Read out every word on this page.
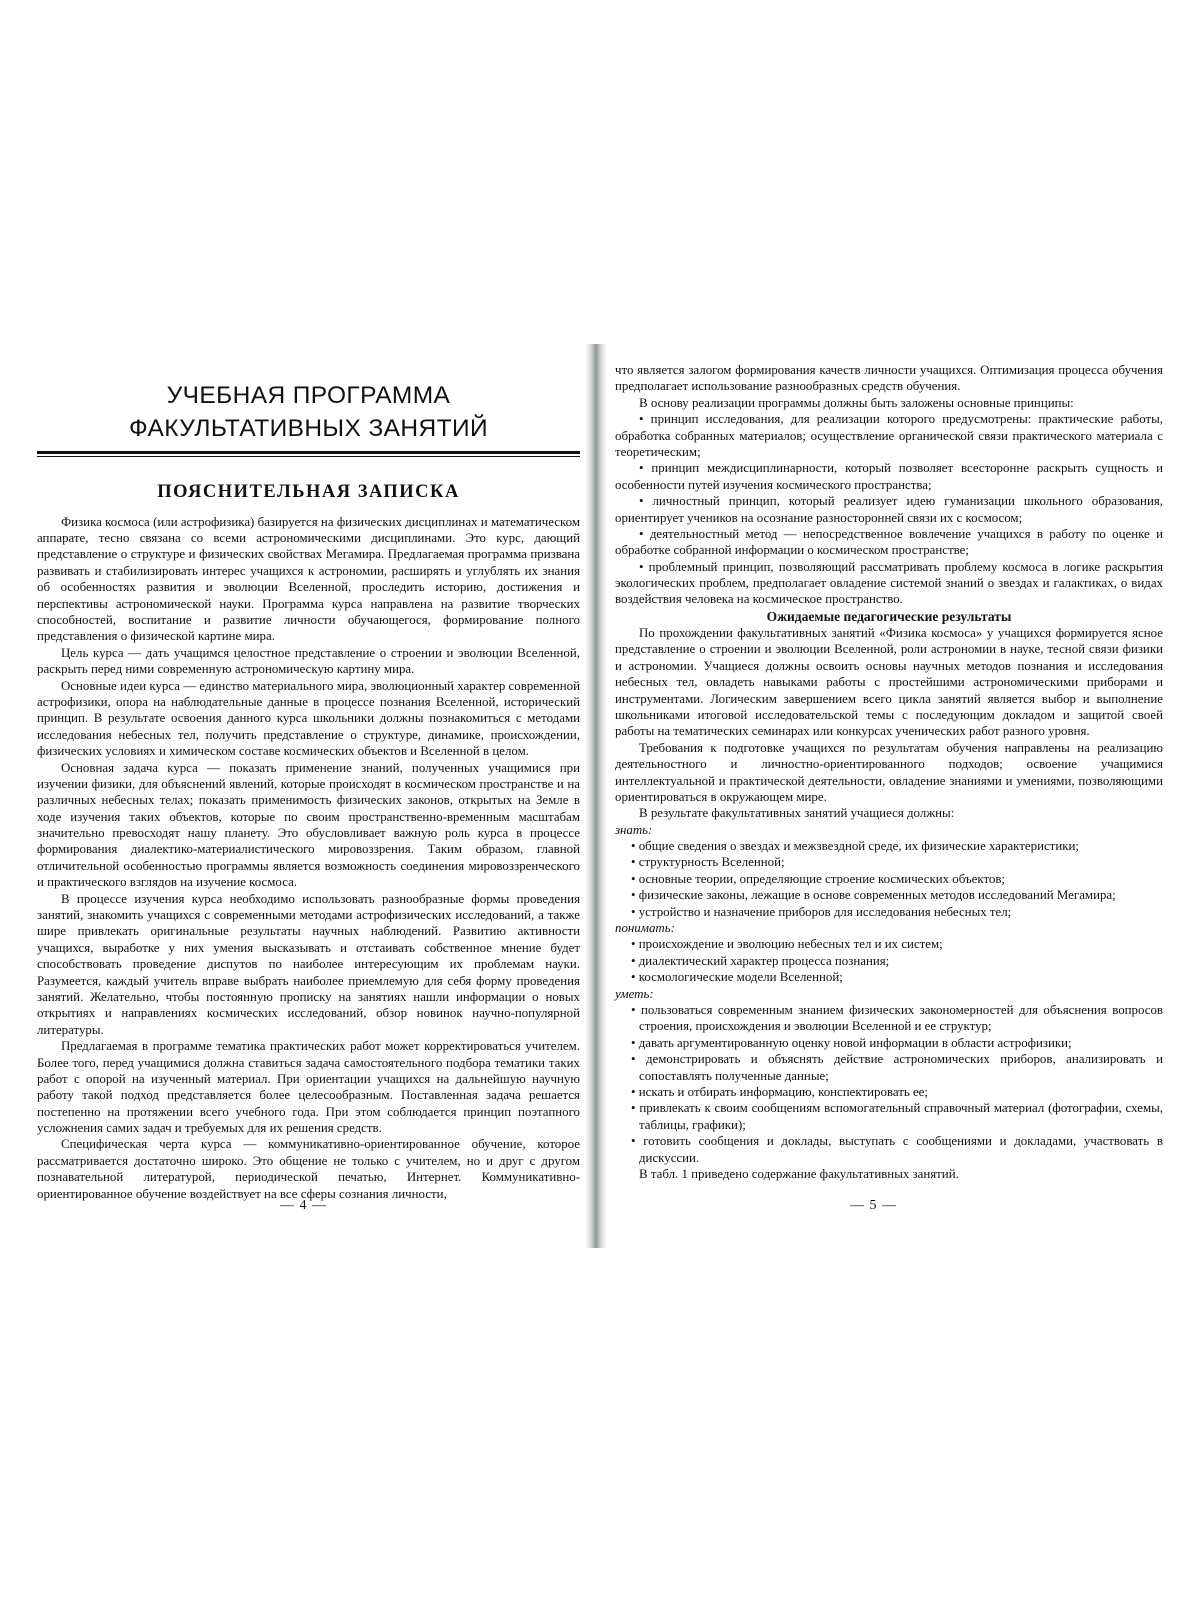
УЧЕБНАЯ ПРОГРАММА
ФАКУЛЬТАТИВНЫХ ЗАНЯТИЙ
ПОЯСНИТЕЛЬНАЯ ЗАПИСКА

Физика космоса (или астрофизика) базируется на физических дисциплинах и математическом аппарате, тесно связана со всеми астрономическими дисциплинами. Это курс, дающий представление о структуре и физических свойствах Мегамира. Предлагаемая программа призвана развивать и стабилизировать интерес учащихся к астрономии, расширять и углублять их знания об особенностях развития и эволюции Вселенной, проследить историю, достижения и перспективы астрономической науки. Программа курса направлена на развитие творческих способностей, воспитание и развитие личности обучающегося, формирование полного представления о физической картине мира.

Цель курса — дать учащимся целостное представление о строении и эволюции Вселенной, раскрыть перед ними современную астрономическую картину мира.

Основные идеи курса — единство материального мира, эволюционный характер современной астрофизики, опора на наблюдательные данные в процессе познания Вселенной, исторический принцип. В результате освоения данного курса школьники должны познакомиться с методами исследования небесных тел, получить представление о структуре, динамике, происхождении, физических условиях и химическом составе космических объектов и Вселенной в целом.

Основная задача курса — показать применение знаний, полученных учащимися при изучении физики, для объяснений явлений, которые происходят в космическом пространстве и на различных небесных телах; показать применимость физических законов, открытых на Земле в ходе изучения таких объектов, которые по своим пространственно-временным масштабам значительно превосходят нашу планету. Это обусловливает важную роль курса в процессе формирования диалектико-материалистического мировоззрения. Таким образом, главной отличительной особенностью программы является возможность соединения мировоззренческого и практического взглядов на изучение космоса.

В процессе изучения курса необходимо использовать разнообразные формы проведения занятий, знакомить учащихся с современными методами астрофизических исследований, а также шире привлекать оригинальные результаты научных наблюдений. Развитию активности учащихся, выработке у них умения высказывать и отстаивать собственное мнение будет способствовать проведение диспутов по наиболее интересующим их проблемам науки. Разумеется, каждый учитель вправе выбрать наиболее приемлемую для себя форму проведения занятий. Желательно, чтобы постоянную прописку на занятиях нашли информации о новых открытиях и направлениях космических исследований, обзор новинок научно-популярной литературы.

Предлагаемая в программе тематика практических работ может корректироваться учителем. Более того, перед учащимися должна ставиться задача самостоятельного подбора тематики таких работ с опорой на изученный материал. При ориентации учащихся на дальнейшую научную работу такой подход представляется более целесообразным. Поставленная задача решается постепенно на протяжении всего учебного года. При этом соблюдается принцип поэтапного усложнения самих задач и требуемых для их решения средств.

Специфическая черта курса — коммуникативно-ориентированное обучение, которое рассматривается достаточно широко. Это общение не только с учителем, но и друг с другом познавательной литературой, периодической печатью, Интернет. Коммуникативно-ориентированное обучение воздействует на все сферы сознания личности,

— 4 —

что является залогом формирования качеств личности учащихся. Оптимизация процесса обучения предполагает использование разнообразных средств обучения.

В основу реализации программы должны быть заложены основные принципы:

• принцип исследования, для реализации которого предусмотрены: практические работы, обработка собранных материалов; осуществление органической связи практического материала с теоретическим;

• принцип междисциплинарности, который позволяет всесторонне раскрыть сущность и особенности путей изучения космического пространства;

• личностный принцип, который реализует идею гуманизации школьного образования, ориентирует учеников на осознание разносторонней связи их с космосом;

• деятельностный метод — непосредственное вовлечение учащихся в работу по оценке и обработке собранной информации о космическом пространстве;

• проблемный принцип, позволяющий рассматривать проблему космоса в логике раскрытия экологических проблем, предполагает овладение системой знаний о звездах и галактиках, о видах воздействия человека на космическое пространство.

Ожидаемые педагогические результаты

По прохождении факультативных занятий «Физика космоса» у учащихся формируется ясное представление о строении и эволюции Вселенной, роли астрономии в науке, тесной связи физики и астрономии. Учащиеся должны освоить основы научных методов познания и исследования небесных тел, овладеть навыками работы с простейшими астрономическими приборами и инструментами. Логическим завершением всего цикла занятий является выбор и выполнение школьниками итоговой исследовательской темы с последующим докладом и защитой своей работы на тематических семинарах или конкурсах ученических работ разного уровня.

Требования к подготовке учащихся по результатам обучения направлены на реализацию деятельностного и личностно-ориентированного подходов; освоение учащимися интеллектуальной и практической деятельности, овладение знаниями и умениями, позволяющими ориентироваться в окружающем мире.

В результате факультативных занятий учащиеся должны:

знать:
• общие сведения о звездах и межзвездной среде, их физические характеристики;
• структурность Вселенной;
• основные теории, определяющие строение космических объектов;
• физические законы, лежащие в основе современных методов исследований Мегамира;
• устройство и назначение приборов для исследования небесных тел;
понимать:
• происхождение и эволюцию небесных тел и их систем;
• диалектический характер процесса познания;
• космологические модели Вселенной;
уметь:
• пользоваться современным знанием физических закономерностей для объяснения вопросов строения, происхождения и эволюции Вселенной и ее структур;
• давать аргументированную оценку новой информации в области астрофизики;
• демонстрировать и объяснять действие астрономических приборов, анализировать и сопоставлять полученные данные;
• искать и отбирать информацию, конспектировать ее;
• привлекать к своим сообщениям вспомогательный справочный материал (фотографии, схемы, таблицы, графики);
• готовить сообщения и доклады, выступать с сообщениями и докладами, участвовать в дискуссии.

В табл. 1 приведено содержание факультативных занятий.

— 5 —
